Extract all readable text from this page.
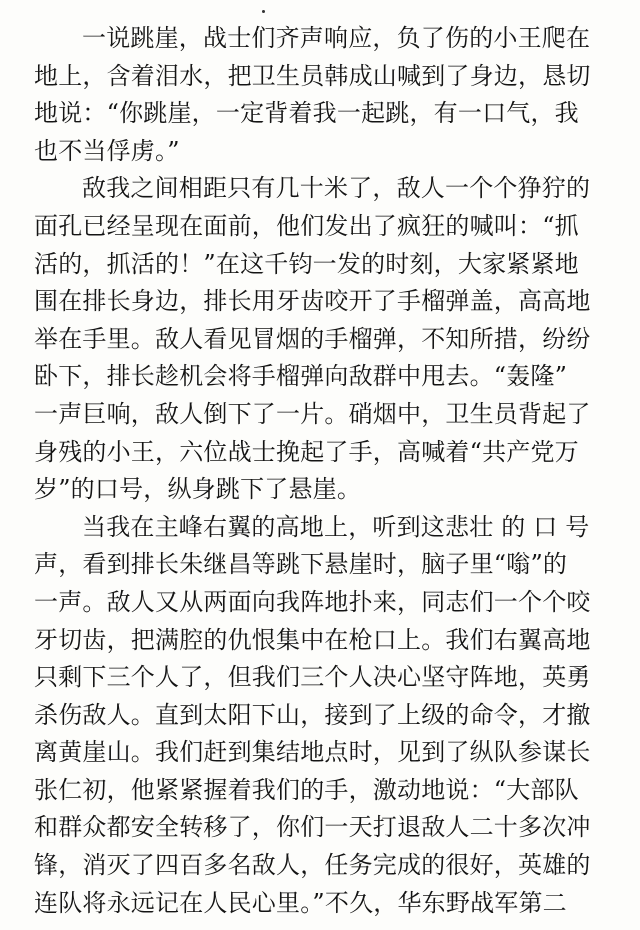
一说跳崖，战士们齐声响应，负了伤的小王爬在
地上，含着泪水，把卫生员韩成山喊到了身边，恳切
地说：“你跳崖，一定背着我一起跳，有一口气，我
也不当俘虏。”
敌我之间相距只有几十米了，敌人一个个狰狞的
面孔已经呈现在面前，他们发出了疯狂的喊叫：“抓
活的，抓活的！”在这千钧一发的时刻，大家紧紧地
围在排长身边，排长用牙齿咬开了手榴弹盖，高高地
举在手里。敌人看见冒烟的手榴弹，不知所措，纷纷
卧下，排长趁机会将手榴弹向敌群中甩去。“轰隆”
一声巨响，敌人倒下了一片。硝烟中，卫生员背起了
身残的小王，六位战士挽起了手，高喊着“共产党万
岁”的口号，纵身跳下了悬崖。
当我在主峰右翼的高地上，听到这悲壮 的 口 号
声，看到排长朱继昌等跳下悬崖时，脑子里“嗡”的
一声。敌人又从两面向我阵地扑来，同志们一个个咬
牙切齿，把满腔的仇恨集中在枪口上。我们右翼高地
只剩下三个人了，但我们三个人决心坚守阵地，英勇
杀伤敌人。直到太阳下山，接到了上级的命令，才撤
离黄崖山。我们赶到集结地点时，见到了纵队参谋长
张仁初，他紧紧握着我们的手，激动地说：“大部队
和群众都安全转移了，你们一天打退敌人二十多次冲
锋，消灭了四百多名敌人，任务完成的很好，英雄的
连队将永远记在人民心里。”不久，华东野战军第二
